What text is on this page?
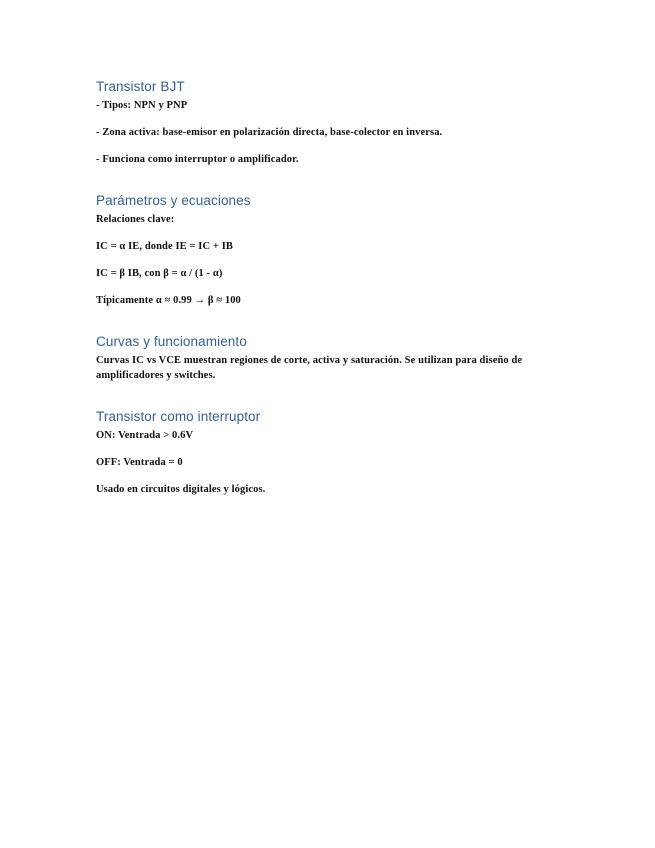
Transistor BJT

- Tipos: NPN y PNP

- Zona activa: base-emisor en polarización directa, base-colector en inversa.

- Funciona como interruptor o amplificador.

Parámetros y ecuaciones

Relaciones clave:

IC = α IE, donde IE = IC + IB

IC = β IB, con β = α / (1 - α)

Típicamente α ≈ 0.99 → β ≈ 100

Curvas y funcionamiento

Curvas IC vs VCE muestran regiones de corte, activa y saturación. Se utilizan para diseño de amplificadores y switches.

Transistor como interruptor

ON: Ventrada > 0.6V

OFF: Ventrada = 0

Usado en circuitos digitales y lógicos.
